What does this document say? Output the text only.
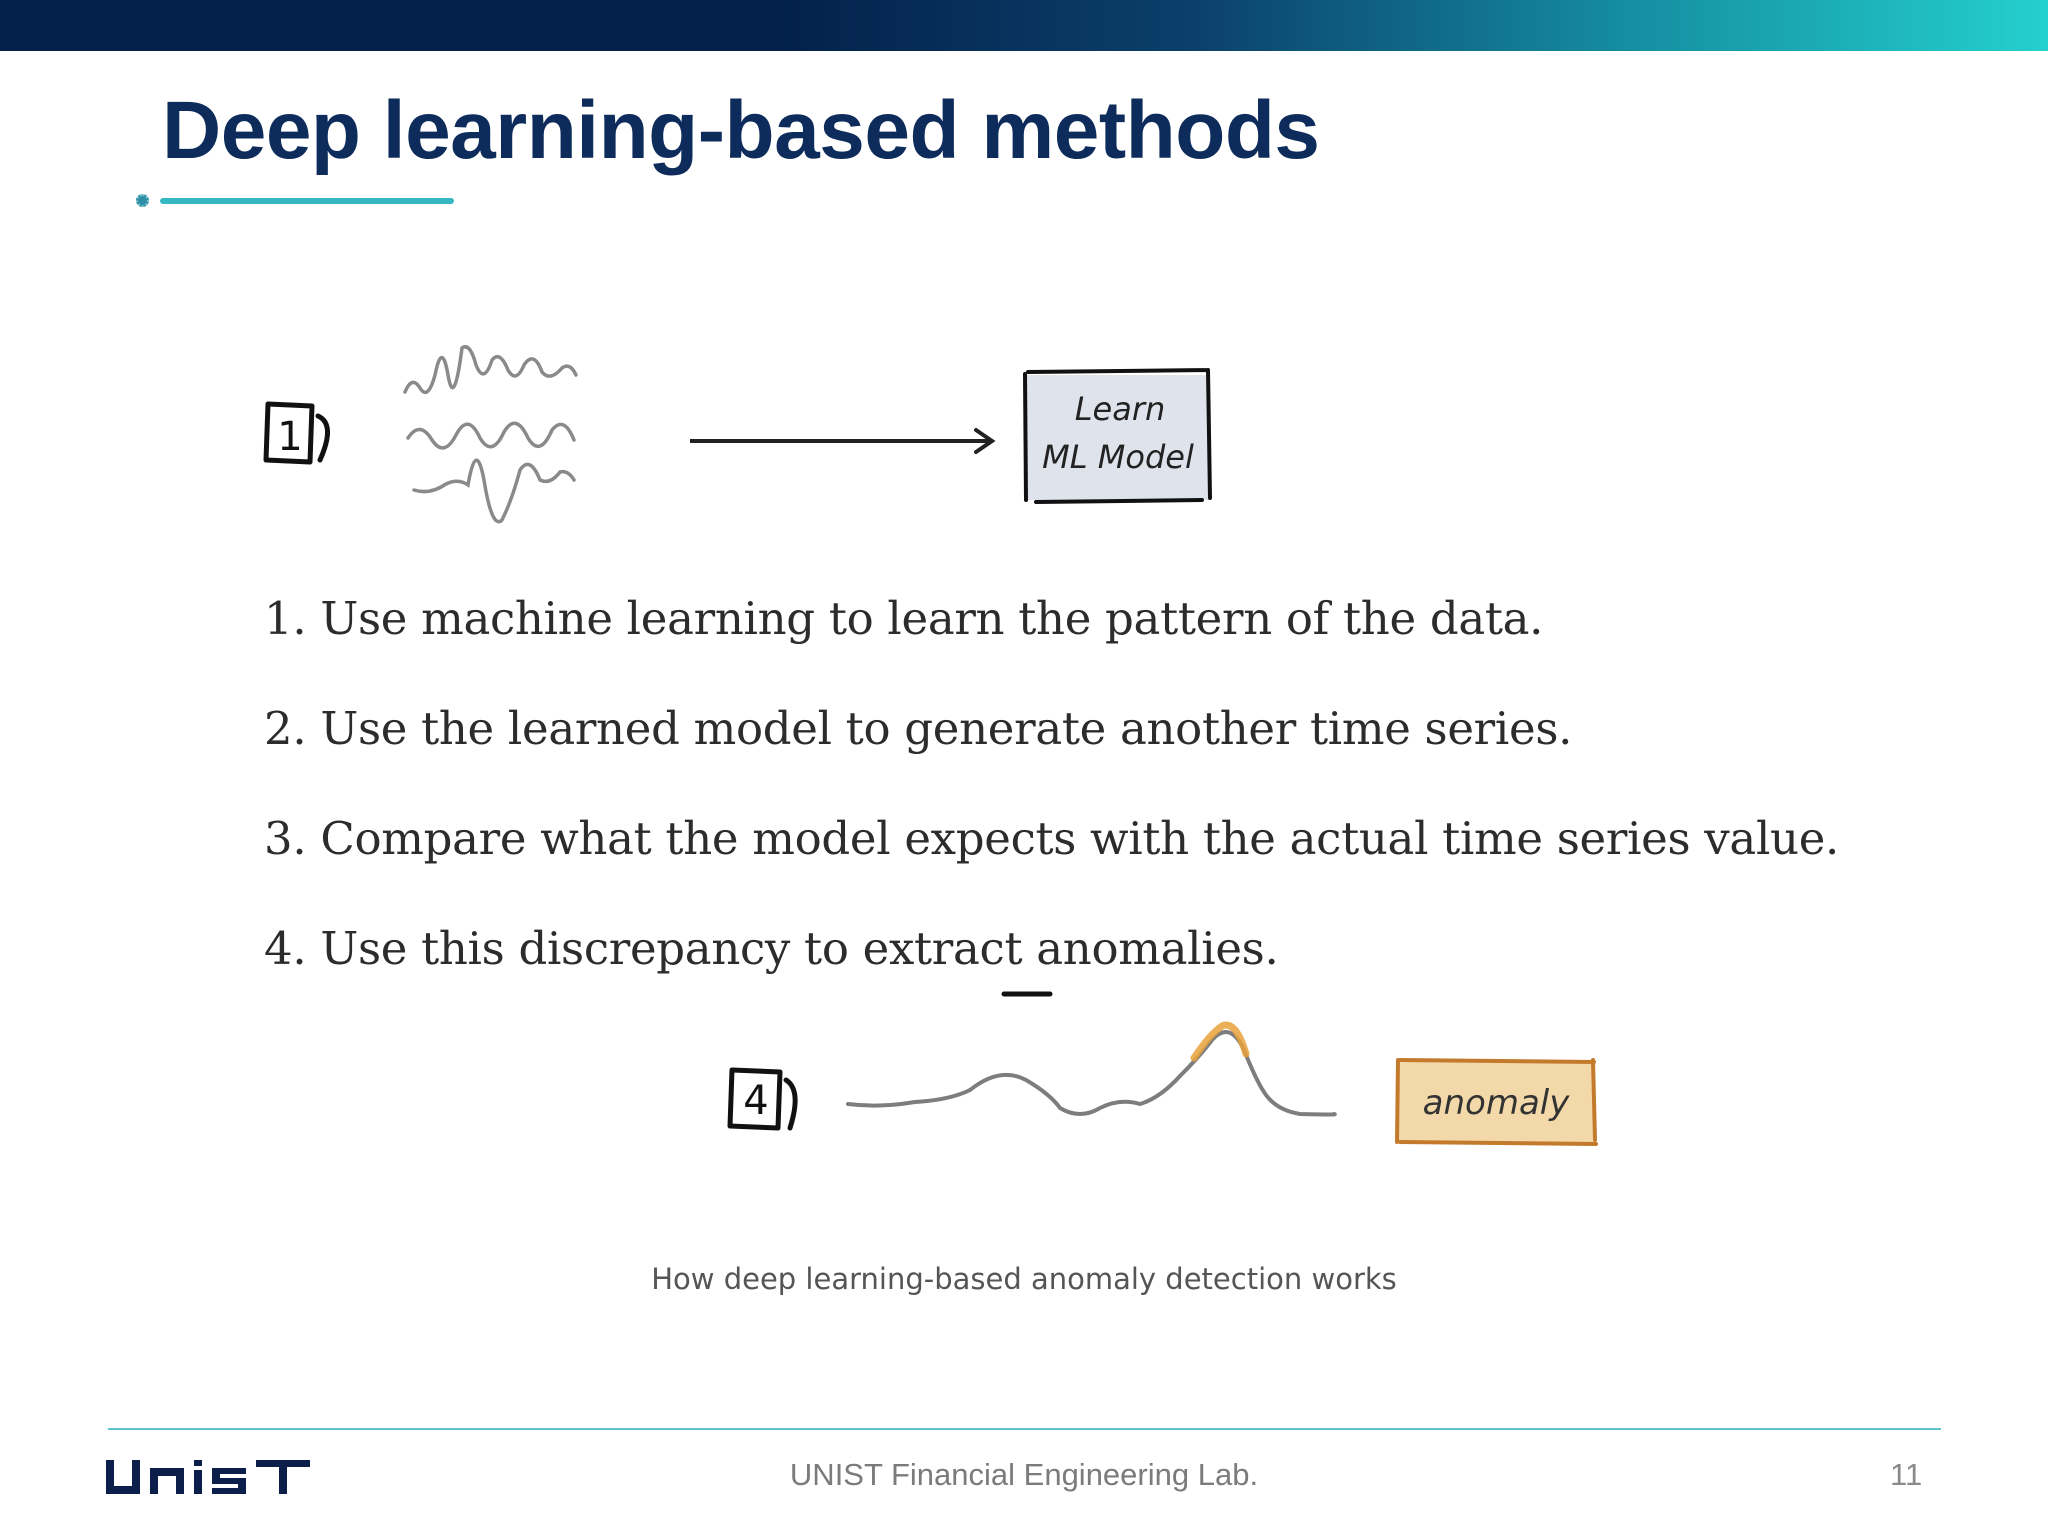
Deep learning-based methods
1
Learn
ML Model
1. Use machine learning to learn the pattern of the data.
2. Use the learned model to generate another time series.
3. Compare what the model expects with the actual time series value.
4. Use this discrepancy to extract anomalies.
4	anomaly
How deep learning-based anomaly detection works
UNIST Financial Engineering Lab.	11
